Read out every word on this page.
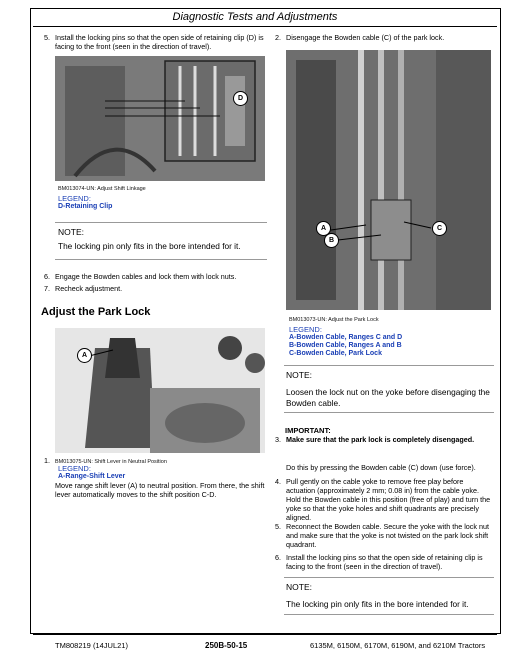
Diagnostic Tests and Adjustments
5. Install the locking pins so that the open side of retaining clip (D) is facing to the front (seen in the direction of travel).
D
BM013074-UN: Adjust Shift Linkage
LEGEND:
D-Retaining Clip
NOTE:
The locking pin only fits in the bore intended for it.
6. Engage the Bowden cables and lock them with lock nuts.
7. Recheck adjustment.
Adjust the Park Lock
A
1. BM013075-UN: Shift Lever in Neutral Position
LEGEND:
A-Range-Shift Lever
Move range shift lever (A) to neutral position. From there, the shift lever automatically moves to the shift position C-D.
2. Disengage the Bowden cable (C) of the park lock.
A
B
C
BM013073-UN: Adjust the Park Lock
LEGEND:
A-Bowden Cable, Ranges C and D
B-Bowden Cable, Ranges A and B
C-Bowden Cable, Park Lock
NOTE:
Loosen the lock nut on the yoke before disengaging the Bowden cable.
IMPORTANT:
3. Make sure that the park lock is completely disengaged.
Do this by pressing the Bowden cable (C) down (use force).
4. Pull gently on the cable yoke to remove free play before actuation (approximately 2 mm; 0.08 in) from the cable yoke. Hold the Bowden cable in this position (free of play) and turn the yoke so that the yoke holes and shift quadrants are precisely aligned.
5. Reconnect the Bowden cable. Secure the yoke with the lock nut and make sure that the yoke is not twisted on the park lock shift quadrant.
6. Install the locking pins so that the open side of retaining clip is facing to the front (seen in the direction of travel).
NOTE:
The locking pin only fits in the bore intended for it.
TM808219 (14JUL21)	250B-50-15	6135M, 6150M, 6170M, 6190M, and 6210M Tractors
